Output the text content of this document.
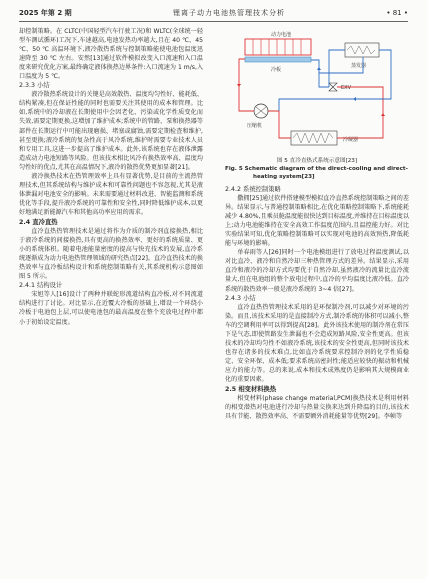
2025 年第 2 期	锂离子动力电池热管理技术分析	• 81 •

却控制策略。在 CLTC(中国轻型汽车行驶工况)和 WLTC(全球统一轻型车测试循环)工况下,车速越高,电池发热功率越大,且在 40 ℃、45 ℃、50 ℃ 高温环境下,液冷散热系统与控制策略能使电池包温度迅速降至 30 ℃ 左右。安然[13]通过软件模拟改变入口流速和入口温度来研究优化方案,最终确定液体换热边界条件:入口流速为 1 m/s,入口温度为 5 ℃。

2.3.3 小结

液冷散热系统设计的关键是高效散热、温度均匀性好、能耗低、结构紧凑,但在保证性能的同时也需要关注其使用的成本和管理。比如,系统中的冷却液在长期使用中会因老化、污染或化学性质变化而失效,需要定期更换,这增加了维护成本;系统中的管路、泵和换热器等部件在长期运行中可能出现磨损、堵塞或腐蚀,需要定期检查和维护,甚至更换;液冷系统的复杂性高于风冷系统,维护时需要专业技术人员和专用工具,这进一步提高了维护成本。此外,该系统也存在液体泄露造成动力电池短路等风险。但该技术相比风冷有换热效率高、温度均匀性好的优点,尤其在高温情况下,液冷的散热优势更加显著[21]。

液冷换热技术在热管理效率上具有显著优势,是目前的主流热管理技术,但其系统结构与维护成本和可靠性问题也不容忽视,尤其是液体泄漏对电池安全的影响。未来需要通过材料改进、智能监测和系统优化等手段,提升液冷系统的可靠性和安全性,同时降低维护成本,以更好地满足新能源汽车和其他高功率应用的需求。

2.4 直冷直热

直冷直热热管理技术是通过将作为介质的制冷剂直接换热,相比于液冷系统的间接换热,具有更高的换热效率、更好的系统质量、更小的系统体积。随着电池能量密度的提高与快充技术的发展,直冷系统逐渐成为动力电池热管理领域的研究热点[22]。直冷直热技术的换热效率与直冷板结构设计和系统控制策略有关,其系统机构示意图如图 5 所示。

2.4.1 结构设计

宋旭等人[16]设计了两种并联蛇形流道结构直冷板,对不同流道结构进行了讨论。对比显示,在近覆大冷板的基础上,增设一个环绕小冷板于电池包上层,可以使电池包的最高温度在整个充放电过程中都小于初始设定温度。

动力电池
冷板
蒸发器
EXV
压缩机
冷凝器
图 5 直冷直热式系统示意图[23]
Fig. 5 Schematic diagram of the direct-cooling and direct-
heating system[23]
2.4.2 系统控制策略

撒拥[25]通过软件搭建模型模拟直冷直热系统控制策略之间的差异。结果显示,与普通控制策略相比,在优化策略控制策略下,系统能耗减少 4.80%,且乘员舱温度能很快达到目标温度,并维持在目标温度以上;动力电池能维持在安全高效工作温度范围内,且温控能力好。对比实验结果可知,优化策略控制策略可以实现对电池的高效预热,降低耗能与环境的影响。

单春雨等人[26]同时一个电池模组进行了放电过程温度测试,以对比直冷、液冷和自然冷却三种热管理方式的差异。结果显示,采用直冷和液冷的冷却方式均要优于自然冷却,虽然液冷的流量比直冷流量大,但在电池组的整个放电过程中,直冷的平均温度比液冷低。直冷系统的散热效率一般是液冷系统的 3~4 倍[27]。

2.4.3 小结

直冷直热热管理技术采用的是环保制冷剂,可以减少对环境的污染。而且,该技术采用的是直接制冷方式,制冷系统的体积可以减小,整车的空调利用率可以得到提高[28]。此外该技术使用的制冷剂在常压下是气态,即使管路发生泄漏也不会造成短路风险,安全性更高。但该技术的冷却均匀性不如液冷系统,该技术的安全性更高,但同时该技术也存在诸多的技术难点,比如直冷系统要求控制冷剂的化学性质稳定、安全环保、成本低;要求系统高密封性;能适应较快的振动和机械应力的能力等。总的来说,成本和技术成熟度仍是影响其大规模商业化的重要因素。

2.5 相变材料换热

相变材料(phase change material,PCM)换热技术是利用材料的相变潜热对电池进行冷却与热量交换来达到升降温的目的,该技术具有节能、散热效率高、不需要额外消耗能量等优势[29]。李帧等
